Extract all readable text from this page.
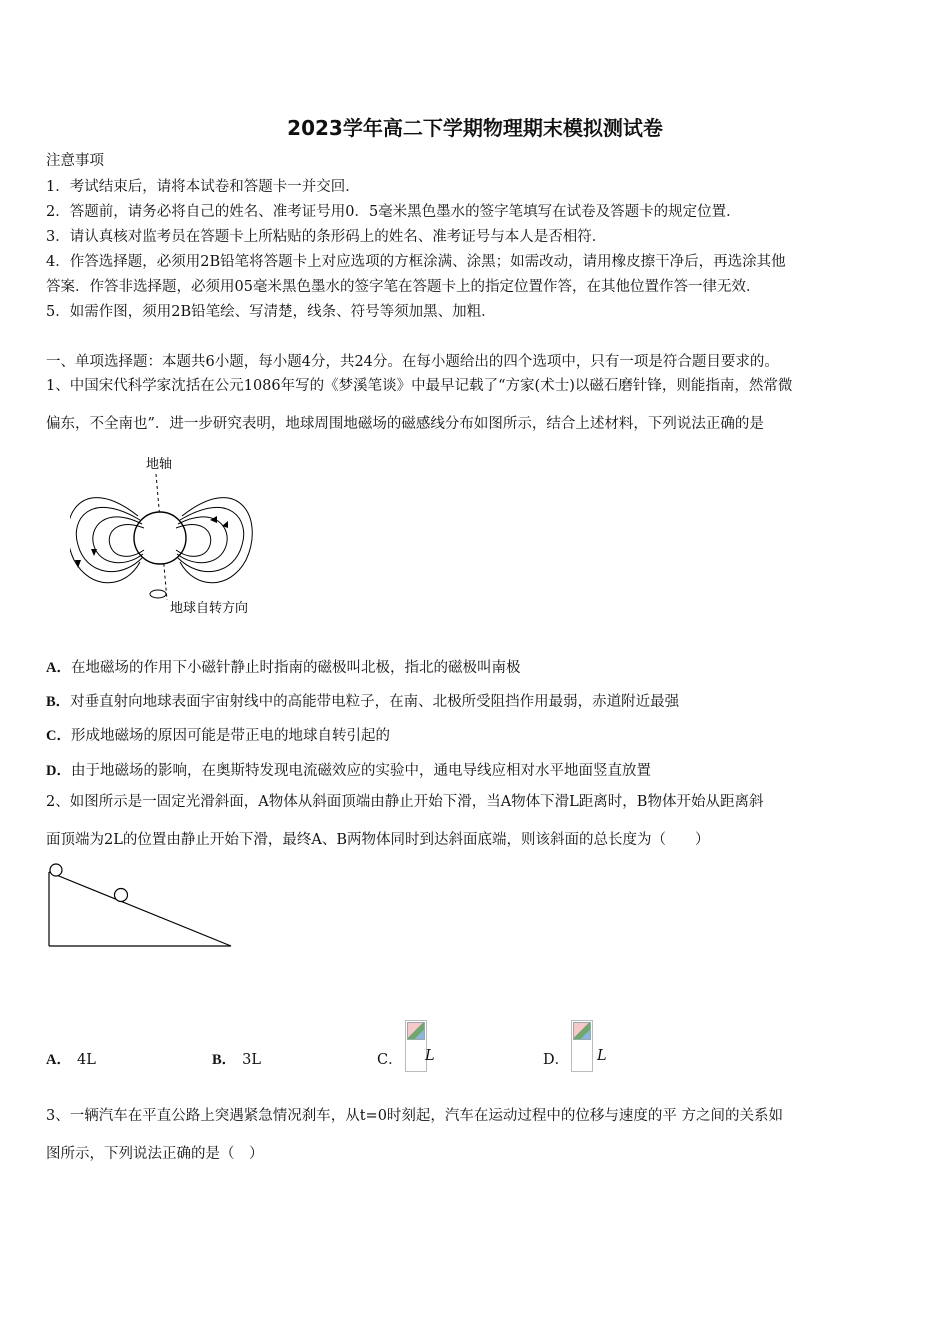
2023学年高二下学期物理期末模拟测试卷
注意事项
1．考试结束后，请将本试卷和答题卡一并交回．
2．答题前，请务必将自己的姓名、准考证号用0．5毫米黑色墨水的签字笔填写在试卷及答题卡的规定位置．
3．请认真核对监考员在答题卡上所粘贴的条形码上的姓名、准考证号与本人是否相符．
4．作答选择题，必须用2B铅笔将答题卡上对应选项的方框涂满、涂黑；如需改动，请用橡皮擦干净后，再选涂其他
答案．作答非选择题，必须用05毫米黑色墨水的签字笔在答题卡上的指定位置作答，在其他位置作答一律无效．
5．如需作图，须用2B铅笔绘、写清楚，线条、符号等须加黑、加粗．
一、单项选择题：本题共6小题，每小题4分，共24分。在每小题给出的四个选项中，只有一项是符合题目要求的。
1、中国宋代科学家沈括在公元1086年写的《梦溪笔谈》中最早记载了“方家(术士)以磁石磨针锋，则能指南，然常微
偏东，不全南也”．进一步研究表明，地球周围地磁场的磁感线分布如图所示，结合上述材料，下列说法正确的是
地轴
地球自转方向
A．在地磁场的作用下小磁针静止时指南的磁极叫北极，指北的磁极叫南极
B．对垂直射向地球表面宇宙射线中的高能带电粒子，在南、北极所受阻挡作用最弱，赤道附近最强
C．形成地磁场的原因可能是带正电的地球自转引起的
D．由于地磁场的影响，在奥斯特发现电流磁效应的实验中，通电导线应相对水平地面竖直放置
2、如图所示是一固定光滑斜面，A物体从斜面顶端由静止开始下滑，当A物体下滑L距离时，B物体开始从距离斜
面顶端为2L的位置由静止开始下滑，最终A、B两物体同时到达斜面底端，则该斜面的总长度为（　　）
A． 4L	B． 3L	C． L	D． L
3、一辆汽车在平直公路上突遇紧急情况刹车，从t=0时刻起，汽车在运动过程中的位移与速度的平 方之间的关系如
图所示，下列说法正确的是（　）
